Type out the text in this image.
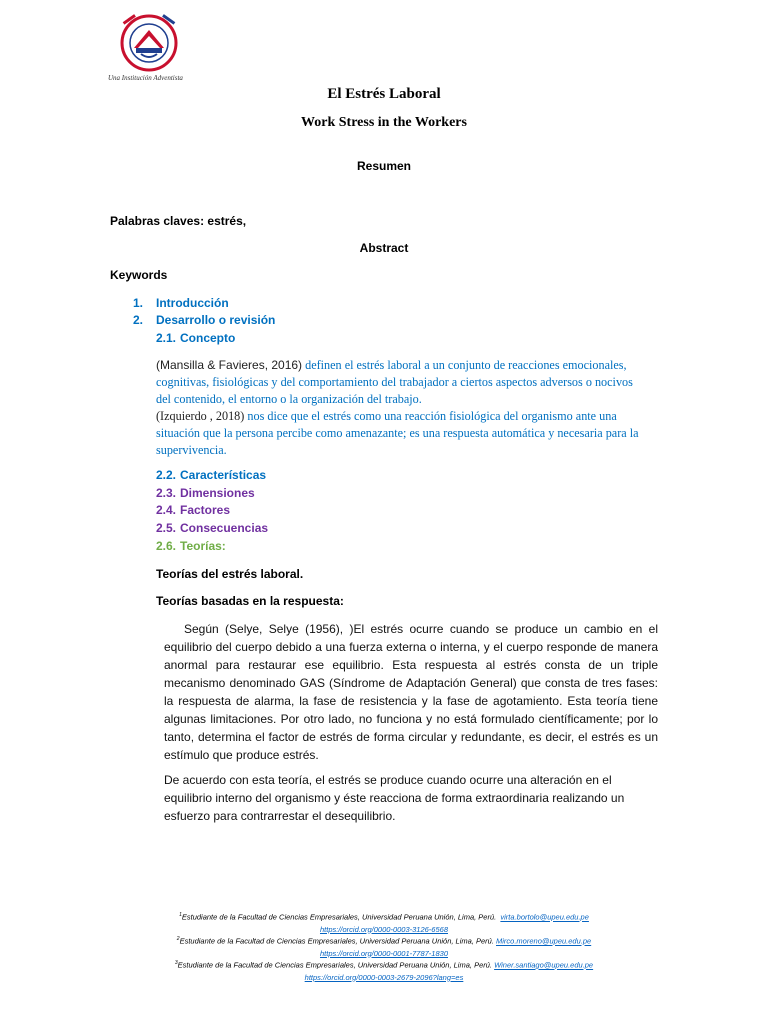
Una Institución Adventista
El Estrés Laboral
Work Stress in the Workers
Resumen
Palabras claves: estrés,
Abstract
Keywords
1. Introducción
2. Desarrollo o revisión
2.1. Concepto
(Mansilla & Favieres, 2016) definen el estrés laboral a un conjunto de reacciones emocionales, cognitivas, fisiológicas y del comportamiento del trabajador a ciertos aspectos adversos o nocivos del contenido, el entorno o la organización del trabajo.
(Izquierdo , 2018) nos dice que el estrés como una reacción fisiológica del organismo ante una situación que la persona percibe como amenazante; es una respuesta automática y necesaria para la supervivencia.
2.2. Características
2.3. Dimensiones
2.4. Factores
2.5. Consecuencias
2.6. Teorías:
Teorías del estrés laboral.
Teorías basadas en la respuesta:
Según (Selye, Selye (1956), )El estrés ocurre cuando se produce un cambio en el equilibrio del cuerpo debido a una fuerza externa o interna, y el cuerpo responde de manera anormal para restaurar ese equilibrio. Esta respuesta al estrés consta de un triple mecanismo denominado GAS (Síndrome de Adaptación General) que consta de tres fases: la respuesta de alarma, la fase de resistencia y la fase de agotamiento. Esta teoría tiene algunas limitaciones. Por otro lado, no funciona y no está formulado científicamente; por lo tanto, determina el factor de estrés de forma circular y redundante, es decir, el estrés es un estímulo que produce estrés.
De acuerdo con esta teoría, el estrés se produce cuando ocurre una alteración en el equilibrio interno del organismo y éste reacciona de forma extraordinaria realizando un esfuerzo para contrarrestar el desequilibrio.
$^1$Estudiante de la Facultad de Ciencias Empresariales, Universidad Peruana Unión, Lima, Perú. virta.bortolo@upeu.edu.pe
https://orcid.org/0000-0003-3126-6568
$^2$Estudiante de la Facultad de Ciencias Empresariales, Universidad Peruana Unión, Lima, Perú. Mirco.moreno@upeu.edu.pe
https://orcid.org/0000-0001-7787-1830
$^3$Estudiante de la Facultad de Ciencias Empresariales, Universidad Peruana Unión, Lima, Perú. Winer.santiago@upeu.edu.pe
https://orcid.org/0000-0003-2679-2096?lang=es
